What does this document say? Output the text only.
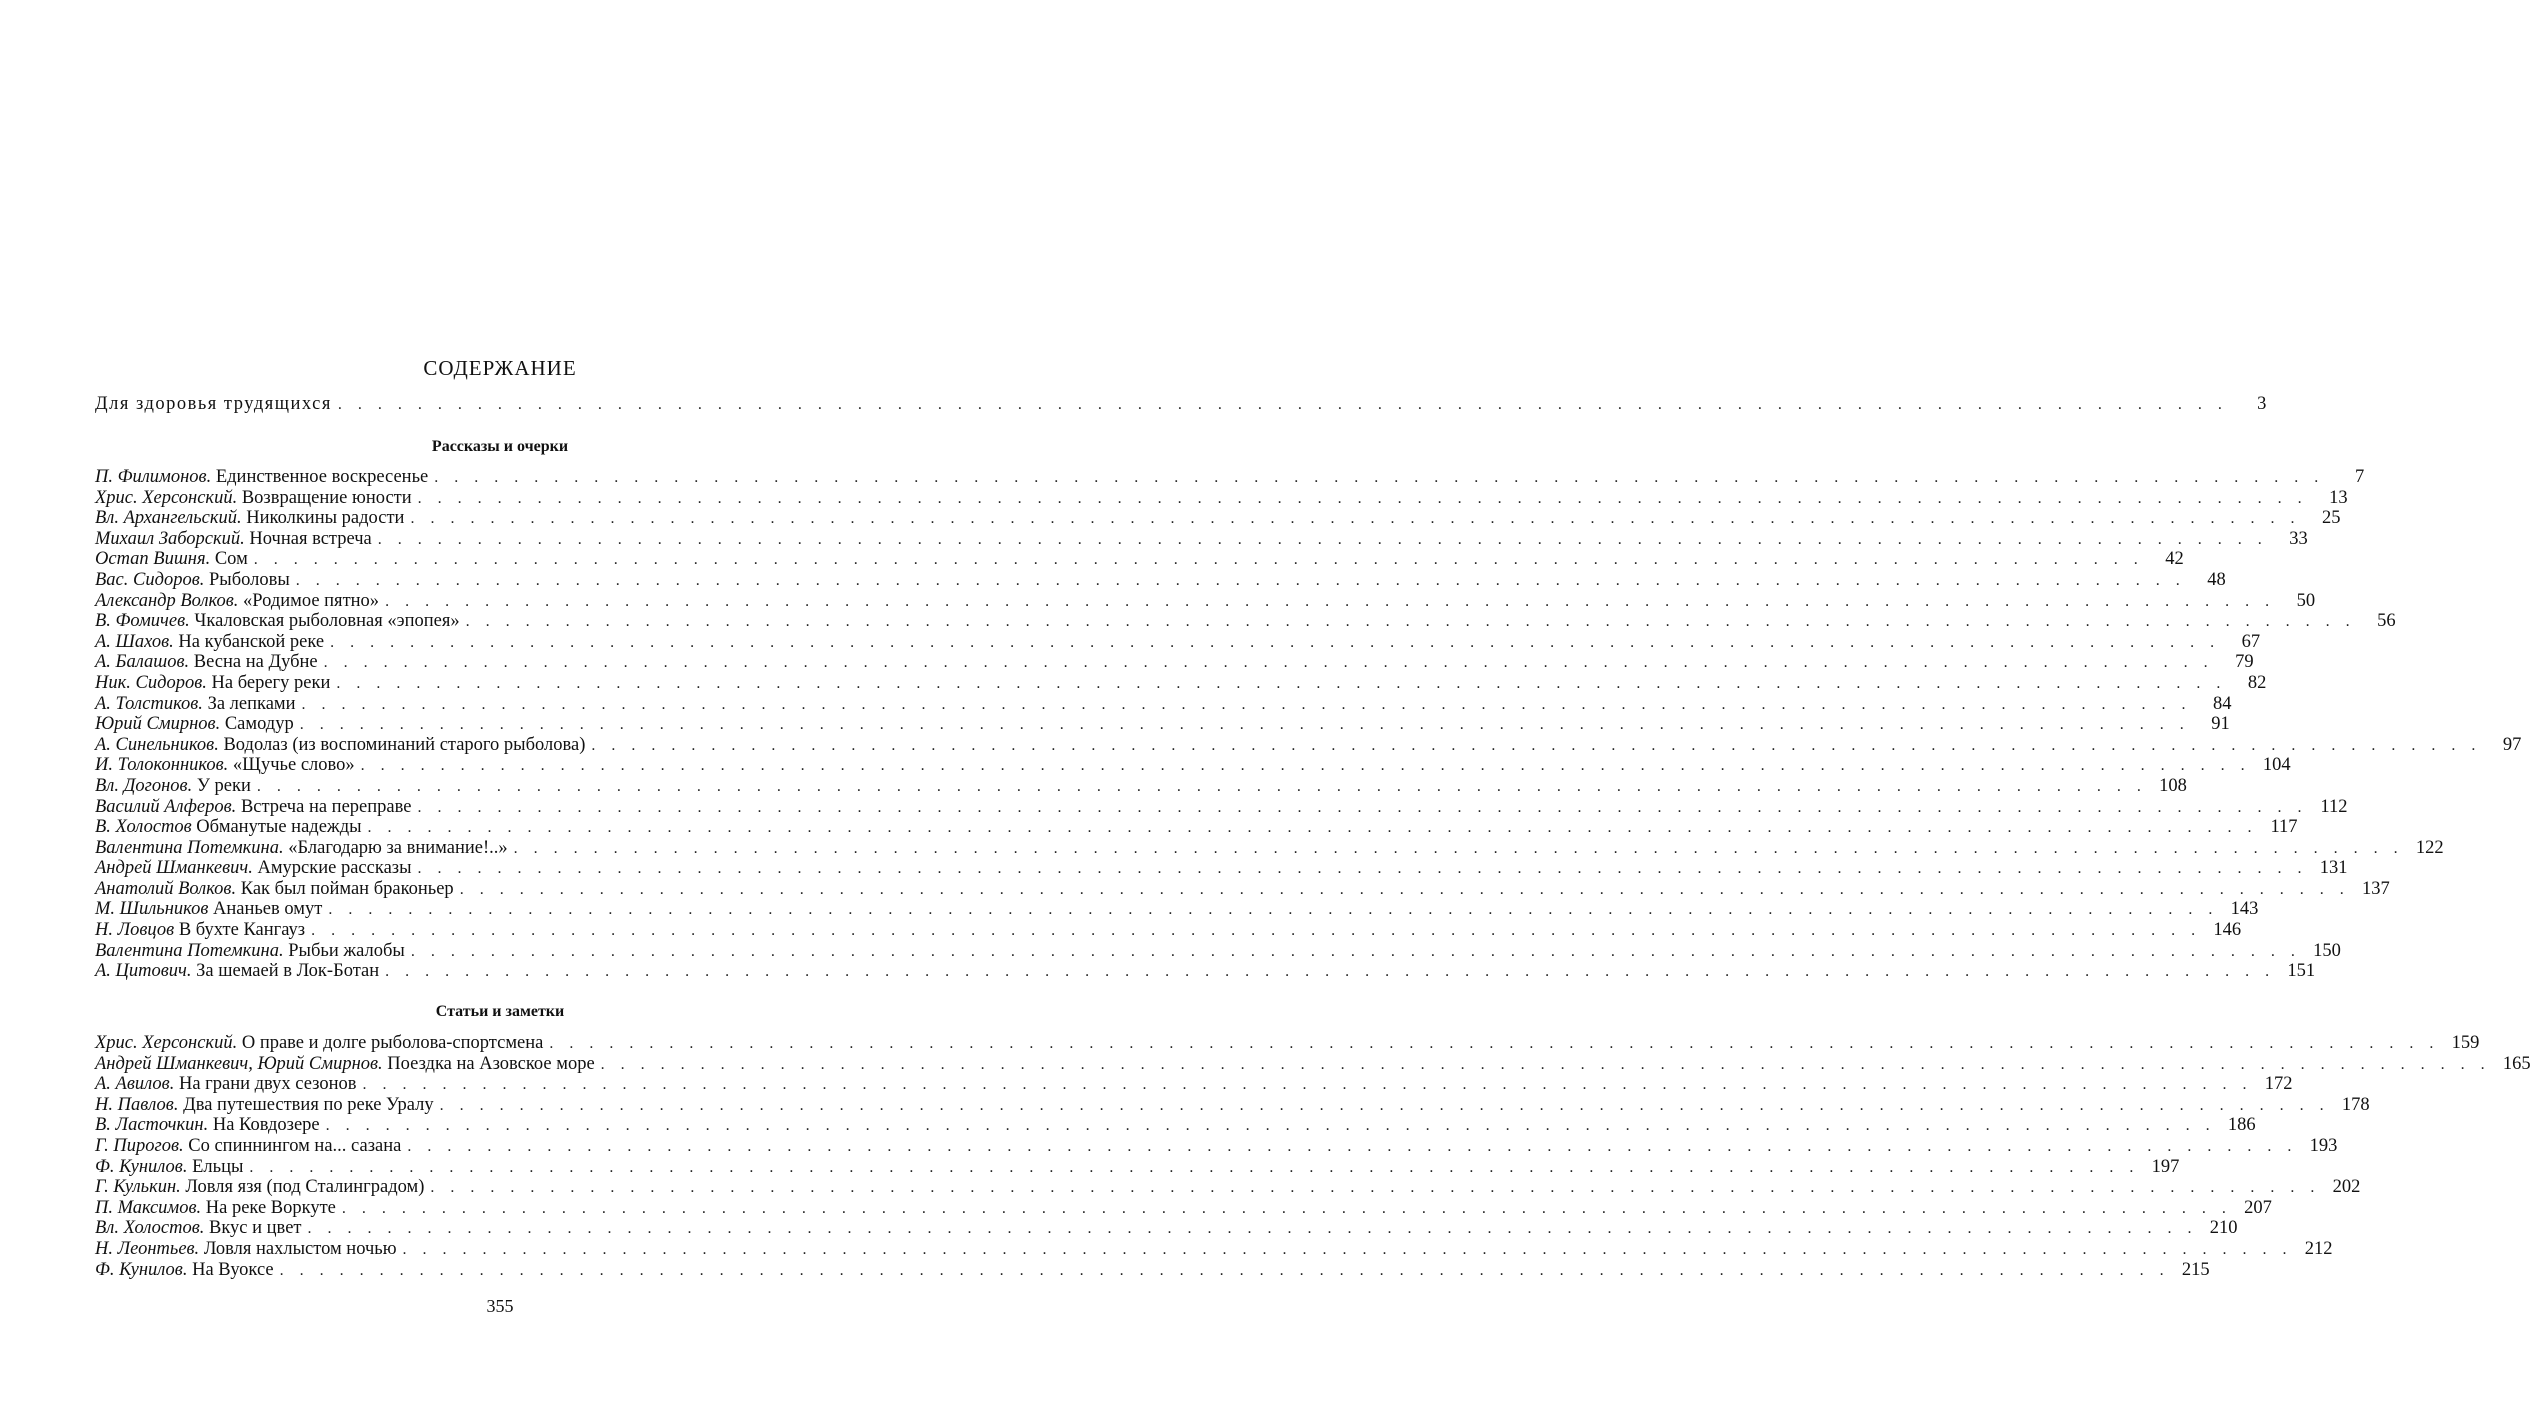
СОДЕРЖАНИЕ
Для здоровья трудящихся . . .	3
Рассказы и очерки
П. Филимонов. Единственное воскресенье . . .	7
Хрис. Херсонский. Возвращение юности . . .	13
Вл. Архангельский. Николкины радости . . .	25
Михаил Заборский. Ночная встреча . . .	33
Остап Вишня. Сом . . .	42
Вас. Сидоров. Рыболовы . . .	48
Александр Волков. «Родимое пятно» . . .	50
В. Фомичев. Чкаловская рыболовная «эпопея» . . .	56
А. Шахов. На кубанской реке . . .	67
А. Балашов. Весна на Дубне . . .	79
Ник. Сидоров. На берегу реки . . .	82
А. Толстиков. За лепками . . .	84
Юрий Смирнов. Самодур . . .	91
А. Синельников. Водолаз (из воспоминаний старого рыболова) . . .	97
И. Толоконников. «Щучье слово» . . .	104
Вл. Догонов. У реки . . .	108
Василий Алферов. Встреча на переправе . . .	112
В. Холостов Обманутые надежды . . .	117
Валентина Потемкина. «Благодарю за внимание!..» . . .	122
Андрей Шманкевич. Амурские рассказы . . .	131
Анатолий Волков. Как был пойман браконьер . . .	137
М. Шильников Ананьев омут . . .	143
Н. Ловцов В бухте Кангауз . . .	146
Валентина Потемкина. Рыбьи жалобы . . .	150
А. Цитович. За шемаей в Лок-Ботан . . .	151
Статьи и заметки
Хрис. Херсонский. О праве и долге рыболова-спортсмена . . .	159
Андрей Шманкевич, Юрий Смирнов. Поездка на Азовское море . . .	165
А. Авилов. На грани двух сезонов . . .	172
Н. Павлов. Два путешествия по реке Уралу . . .	178
В. Ласточкин. На Ковдозере . . .	186
Г. Пирогов. Со спиннингом на... сазана . . .	193
Ф. Кунилов. Ельцы . . .	197
Г. Кулькин. Ловля язя (под Сталинградом) . . .	202
П. Максимов. На реке Воркуте . . .	207
Вл. Холостов. Вкус и цвет . . .	210
Н. Леонтьев. Ловля нахлыстом ночью . . .	212
Ф. Кунилов. На Вуоксе . . .	215
355
